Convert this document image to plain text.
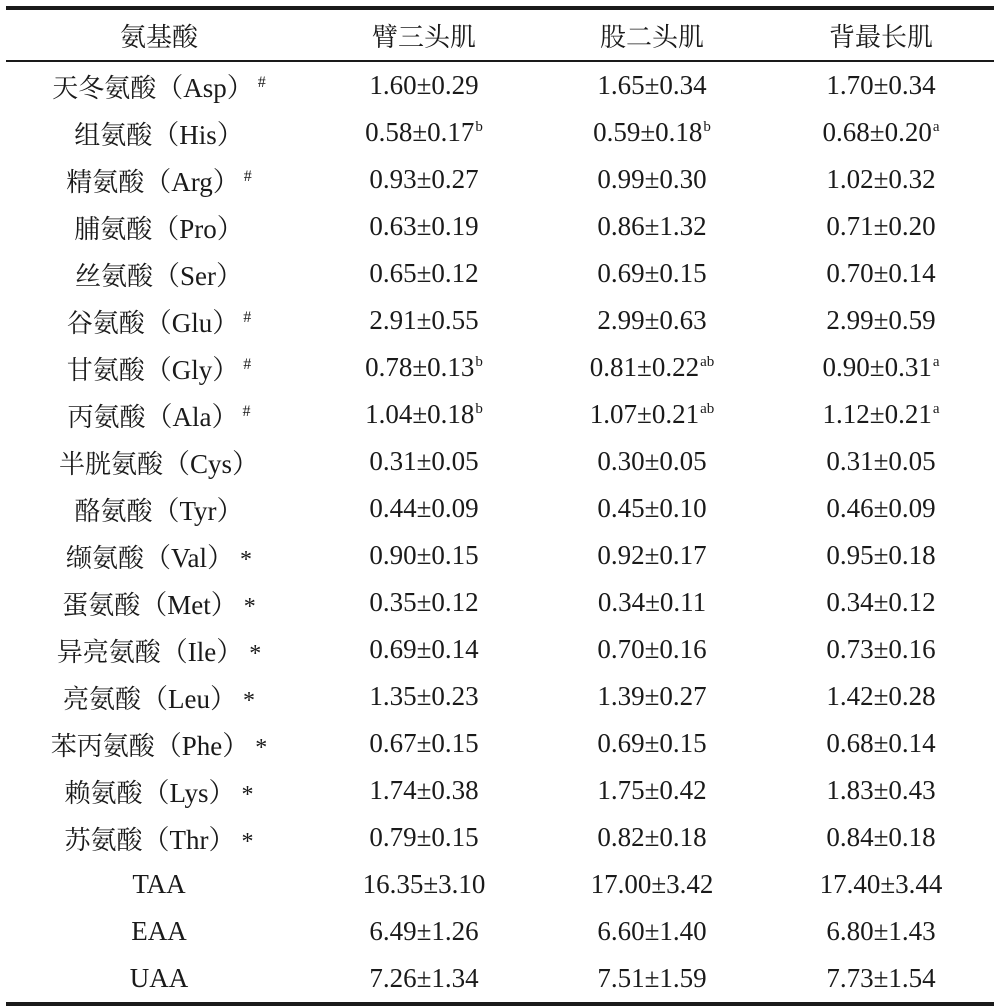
氨基酸	臂三头肌	股二头肌	背最长肌
天冬氨酸（Asp） #	1.60±0.29	1.65±0.34	1.70±0.34
组氨酸（His）	0.58±0.17$^b$	0.59±0.18$^b$	0.68±0.20$^a$
精氨酸（Arg） #	0.93±0.27	0.99±0.30	1.02±0.32
脯氨酸（Pro）	0.63±0.19	0.86±1.32	0.71±0.20
丝氨酸（Ser）	0.65±0.12	0.69±0.15	0.70±0.14
谷氨酸（Glu） #	2.91±0.55	2.99±0.63	2.99±0.59
甘氨酸（Gly） #	0.78±0.13$^b$	0.81±0.22$^{ab}$	0.90±0.31$^a$
丙氨酸（Ala） #	1.04±0.18$^b$	1.07±0.21$^{ab}$	1.12±0.21$^a$
半胱氨酸（Cys）	0.31±0.05	0.30±0.05	0.31±0.05
酪氨酸（Tyr）	0.44±0.09	0.45±0.10	0.46±0.09
缬氨酸（Val） *	0.90±0.15	0.92±0.17	0.95±0.18
蛋氨酸（Met） *	0.35±0.12	0.34±0.11	0.34±0.12
异亮氨酸（Ile） *	0.69±0.14	0.70±0.16	0.73±0.16
亮氨酸（Leu） *	1.35±0.23	1.39±0.27	1.42±0.28
苯丙氨酸（Phe） *	0.67±0.15	0.69±0.15	0.68±0.14
赖氨酸（Lys） *	1.74±0.38	1.75±0.42	1.83±0.43
苏氨酸（Thr） *	0.79±0.15	0.82±0.18	0.84±0.18
TAA	16.35±3.10	17.00±3.42	17.40±3.44
EAA	6.49±1.26	6.60±1.40	6.80±1.43
UAA	7.26±1.34	7.51±1.59	7.73±1.54
